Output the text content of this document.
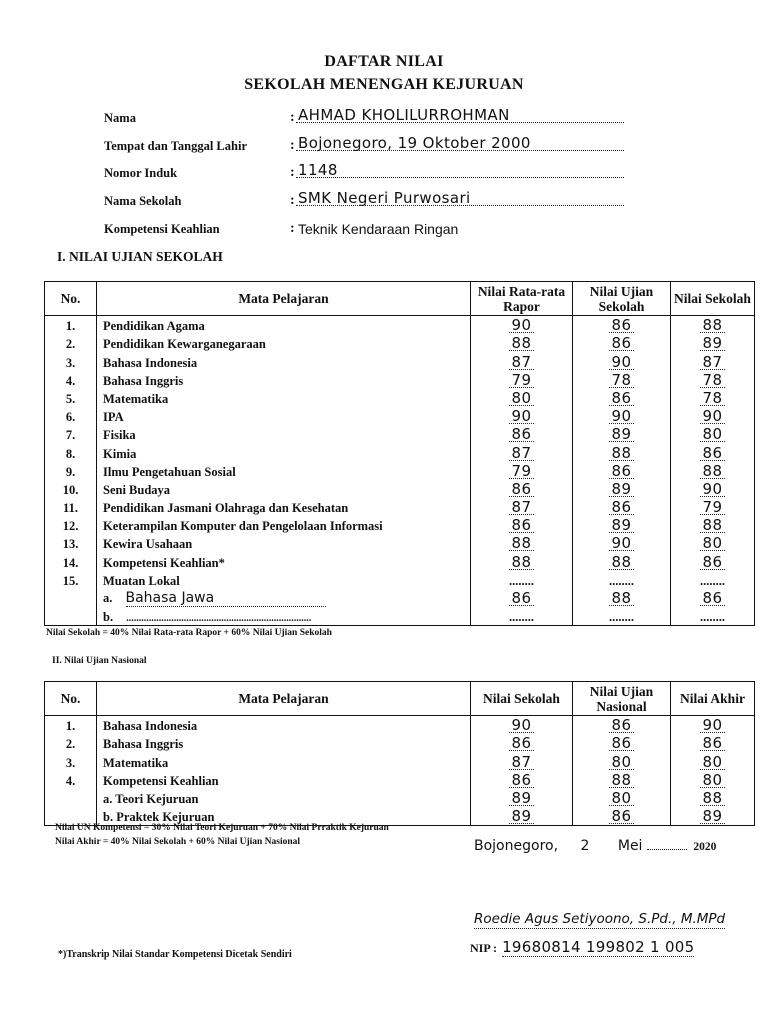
DAFTAR NILAI
SEKOLAH MENENGAH KEJURUAN
Nama	: AHMAD KHOLILURROHMAN
Tempat dan Tanggal Lahir	: Bojonegoro, 19 Oktober 2000
Nomor Induk	: 1148
Nama Sekolah	: SMK Negeri Purwosari
Kompetensi Keahlian	: Teknik Kendaraan Ringan
I. NILAI UJIAN SEKOLAH
No.	Mata Pelajaran	Nilai Rata-rata Rapor	Nilai Ujian Sekolah	Nilai Sekolah
1.	Pendidikan Agama	90	86	88
2.	Pendidikan Kewarganegaraan	88	86	89
3.	Bahasa Indonesia	87	90	87
4.	Bahasa Inggris	79	78	78
5.	Matematika	80	86	78
6.	IPA	90	90	90
7.	Fisika	86	89	80
8.	Kimia	87	88	86
9.	Ilmu Pengetahuan Sosial	79	86	88
10.	Seni Budaya	86	89	90
11.	Pendidikan Jasmani Olahraga dan Kesehatan	87	86	79
12.	Keterampilan Komputer dan Pengelolaan Informasi	86	89	88
13.	Kewira Usahaan	88	90	80
14.	Kompetensi Keahlian*	88	88	86
15.	Muatan Lokal	........	........	........
	a. Bahasa Jawa	86	88	86
	b. ..........................................................................	........	........	........
Nilai Sekolah = 40% Nilai Rata-rata Rapor + 60% Nilai Ujian Sekolah
II. Nilai Ujian Nasional
No.	Mata Pelajaran	Nilai Sekolah	Nilai Ujian Nasional	Nilai Akhir
1.	Bahasa Indonesia	90	86	90
2.	Bahasa Inggris	86	86	86
3.	Matematika	87	80	80
4.	Kompetensi Keahlian	86	88	80
	a. Teori Kejuruan	89	80	88
	b. Praktek Kejuruan	89	86	89
Nilai UN Kompetensi = 30% Nilai Teori Kejuruan + 70% Nilai Prraktik Kejuruan
Nilai Akhir = 40% Nilai Sekolah + 60% Nilai Ujian Nasional	Bojonegoro, 2 Mei	2020
Roedie Agus Setiyoono, S.Pd., M.MPd
NIP : 19680814 199802 1 005
*)Transkrip Nilai Standar Kompetensi Dicetak Sendiri
